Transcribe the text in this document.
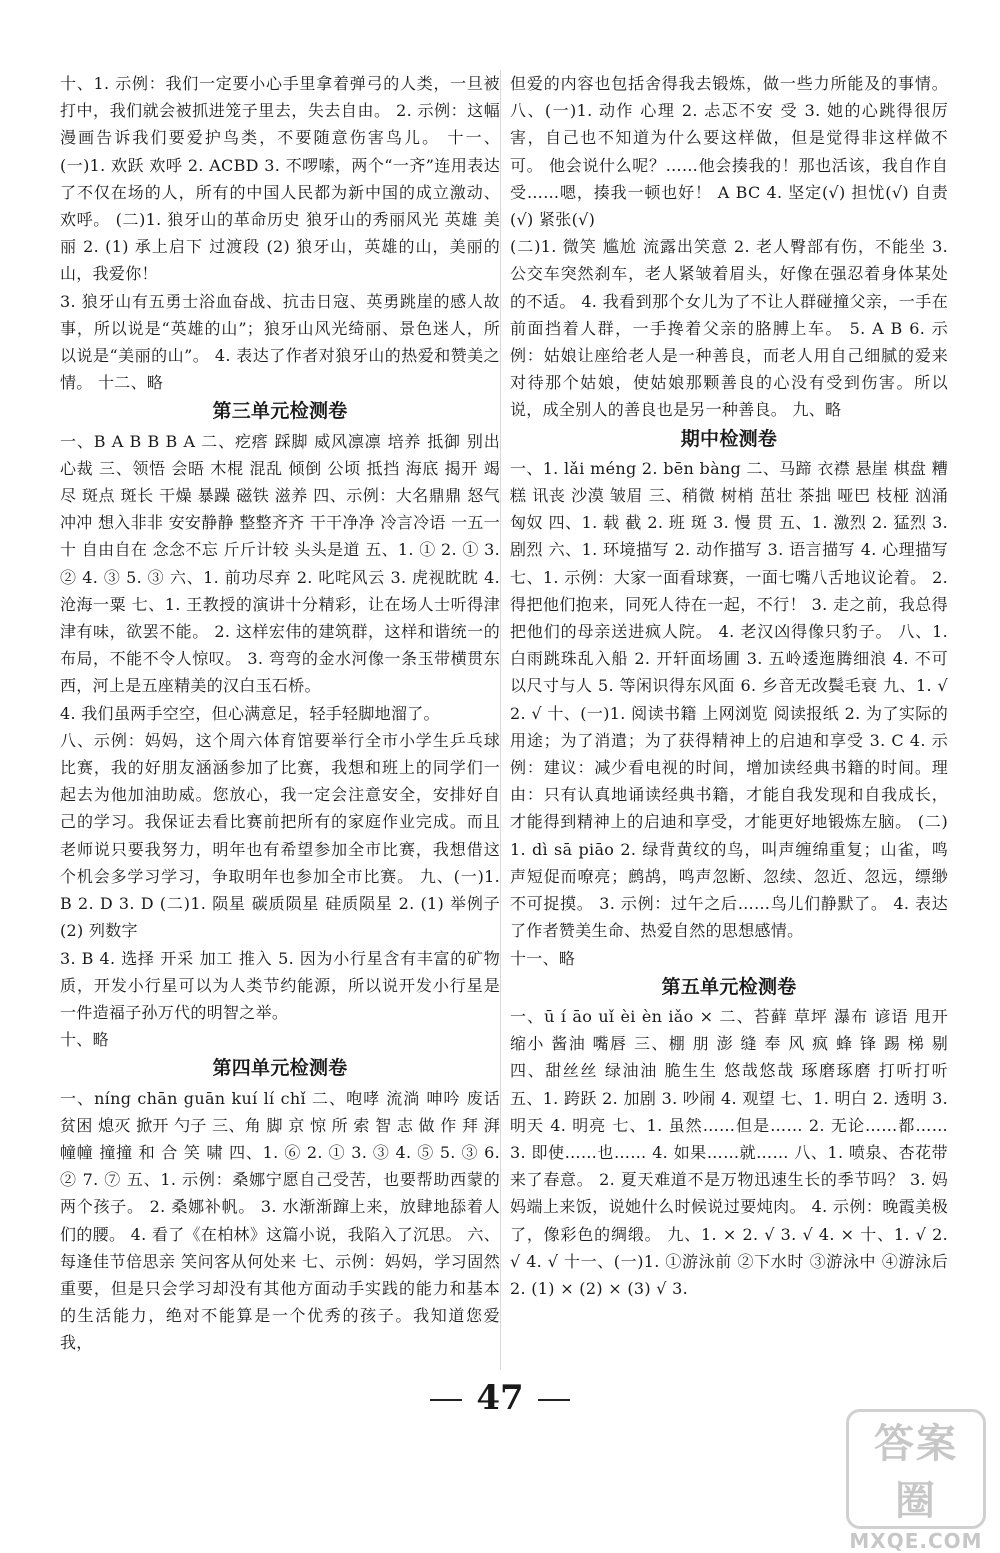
十、1. 示例：我们一定要小心手里拿着弹弓的人类，一旦被打中，我们就会被抓进笼子里去，失去自由。 2. 示例：这幅漫画告诉我们要爱护鸟类，不要随意伤害鸟儿。 十一、(一)1. 欢跃 欢呼 2. ACBD 3. 不啰嗦，两个“一齐”连用表达了不仅在场的人，所有的中国人民都为新中国的成立激动、欢呼。 (二)1. 狼牙山的革命历史 狼牙山的秀丽风光 英雄 美丽 2. (1) 承上启下 过渡段 (2) 狼牙山，英雄的山，美丽的山，我爱你！

3. 狼牙山有五勇士浴血奋战、抗击日寇、英勇跳崖的感人故事，所以说是“英雄的山”；狼牙山风光绮丽、景色迷人，所以说是“美丽的山”。 4. 表达了作者对狼牙山的热爱和赞美之情。 十二、略

第三单元检测卷

一、B A B B B A 二、疙瘩 踩脚 威风凛凛 培养 抵御 别出心裁 三、领悟 会晤 木棍 混乱 倾倒 公顷 抵挡 海底 揭开 竭尽 斑点 斑长 干燥 暴躁 磁铁 滋养 四、示例：大名鼎鼎 怒气冲冲 想入非非 安安静静 整整齐齐 干干净净 冷言冷语 一五一十 自由自在 念念不忘 斤斤计较 头头是道 五、1. ① 2. ① 3. ② 4. ③ 5. ③ 六、1. 前功尽弃 2. 叱咤风云 3. 虎视眈眈 4. 沧海一粟 七、1. 王教授的演讲十分精彩，让在场人士听得津津有味，欲罢不能。 2. 这样宏伟的建筑群，这样和谐统一的布局，不能不令人惊叹。 3. 弯弯的金水河像一条玉带横贯东西，河上是五座精美的汉白玉石桥。

4. 我们虽两手空空，但心满意足，轻手轻脚地溜了。

八、示例：妈妈，这个周六体育馆要举行全市小学生乒乓球比赛，我的好朋友涵涵参加了比赛，我想和班上的同学们一起去为他加油助威。您放心，我一定会注意安全，安排好自己的学习。我保证去看比赛前把所有的家庭作业完成。而且老师说只要我努力，明年也有希望参加全市比赛，我想借这个机会多学习学习，争取明年也参加全市比赛。 九、(一)1. B 2. D 3. D (二)1. 陨星 碳质陨星 硅质陨星 2. (1) 举例子 (2) 列数字

3. B 4. 选择 开采 加工 推入 5. 因为小行星含有丰富的矿物质，开发小行星可以为人类节约能源，所以说开发小行星是一件造福子孙万代的明智之举。

十、略

第四单元检测卷

一、níng chān guān kuí lí chǐ 二、咆哮 流淌 呻吟 废话 贫困 熄灭 掀开 勺子 三、角 脚 京 惊 所 索 智 志 做 作 拜 湃 幢幢 撞撞 和 合 笑 啸 四、1. ⑥ 2. ① 3. ③ 4. ⑤ 5. ③ 6. ② 7. ⑦ 五、1. 示例：桑娜宁愿自己受苦，也要帮助西蒙的两个孩子。 2. 桑娜补帆。 3. 水渐渐蹿上来，放肆地舔着人们的腰。 4. 看了《在柏林》这篇小说，我陷入了沉思。 六、每逢佳节倍思亲 笑问客从何处来 七、示例：妈妈，学习固然重要，但是只会学习却没有其他方面动手实践的能力和基本的生活能力，绝对不能算是一个优秀的孩子。我知道您爱我，

但爱的内容也包括舍得我去锻炼，做一些力所能及的事情。 八、(一)1. 动作 心理 2. 忐忑不安 受 3. 她的心跳得很厉害，自己也不知道为什么要这样做，但是觉得非这样做不可。 他会说什么呢？……他会揍我的！那也活该，我自作自受……嗯，揍我一顿也好！ A BC 4. 坚定(√) 担忧(√) 自责(√) 紧张(√)

(二)1. 微笑 尴尬 流露出笑意 2. 老人臀部有伤，不能坐 3. 公交车突然刹车，老人紧皱着眉头，好像在强忍着身体某处的不适。 4. 我看到那个女儿为了不让人群碰撞父亲，一手在前面挡着人群，一手搀着父亲的胳膊上车。 5. A B 6. 示例：姑娘让座给老人是一种善良，而老人用自己细腻的爱来对待那个姑娘，使姑娘那颗善良的心没有受到伤害。所以说，成全别人的善良也是另一种善良。 九、略

期中检测卷

一、1. lǎi méng 2. bēn bàng 二、马蹄 衣襟 悬崖 棋盘 糟糕 讯丧 沙漠 皱眉 三、稍微 树梢 茁壮 茶拙 哑巴 枝桠 汹涌 匈奴 四、1. 载 截 2. 班 斑 3. 慢 贯 五、1. 激烈 2. 猛烈 3. 剧烈 六、1. 环境描写 2. 动作描写 3. 语言描写 4. 心理描写 七、1. 示例：大家一面看球赛，一面七嘴八舌地议论着。 2. 得把他们抱来，同死人待在一起，不行！ 3. 走之前，我总得把他们的母亲送进疯人院。 4. 老汉凶得像只豹子。 八、1. 白雨跳珠乱入船 2. 开轩面场圃 3. 五岭逶迤腾细浪 4. 不可以尺寸与人 5. 等闲识得东风面 6. 乡音无改鬓毛衰 九、1. √ 2. √ 十、(一)1. 阅读书籍 上网浏览 阅读报纸 2. 为了实际的用途；为了消遣；为了获得精神上的启迪和享受 3. C 4. 示例：建议：减少看电视的时间，增加读经典书籍的时间。理由：只有认真地诵读经典书籍，才能自我发现和自我成长，才能得到精神上的启迪和享受，才能更好地锻炼左脑。 (二) 1. dì sā piāo 2. 绿背黄纹的鸟，叫声缠绵重复；山雀，鸣声短促而嘹亮；鹧鸪，鸣声忽断、忽续、忽近、忽远，缥缈不可捉摸。 3. 示例：过午之后……鸟儿们静默了。 4. 表达了作者赞美生命、热爱自然的思想感情。

十一、略

第五单元检测卷

一、ū í āo uǐ èi èn iǎo × 二、苔藓 草坪 瀑布 谚语 甩开 缩小 酱油 嘴唇 三、棚 朋 澎 缝 奉 风 疯 蜂 锋 踢 梯 剔 四、甜丝丝 绿油油 脆生生 悠哉悠哉 琢磨琢磨 打听打听 五、1. 跨跃 2. 加剧 3. 吵闹 4. 观望 七、1. 明白 2. 透明 3. 明天 4. 明亮 七、1. 虽然……但是…… 2. 无论……都…… 3. 即使……也…… 4. 如果……就…… 八、1. 喷泉、杏花带来了春意。 2. 夏天难道不是万物迅速生长的季节吗？ 3. 妈妈端上来饭，说她什么时候说过要炖肉。 4. 示例：晚霞美极了，像彩色的绸缎。 九、1. × 2. √ 3. √ 4. × 十、1. √ 2. √ 4. √ 十一、(一)1. ①游泳前 ②下水时 ③游泳中 ④游泳后 2. (1) × (2) × (3) √ 3.

47
答案圈
MXQE.COM
